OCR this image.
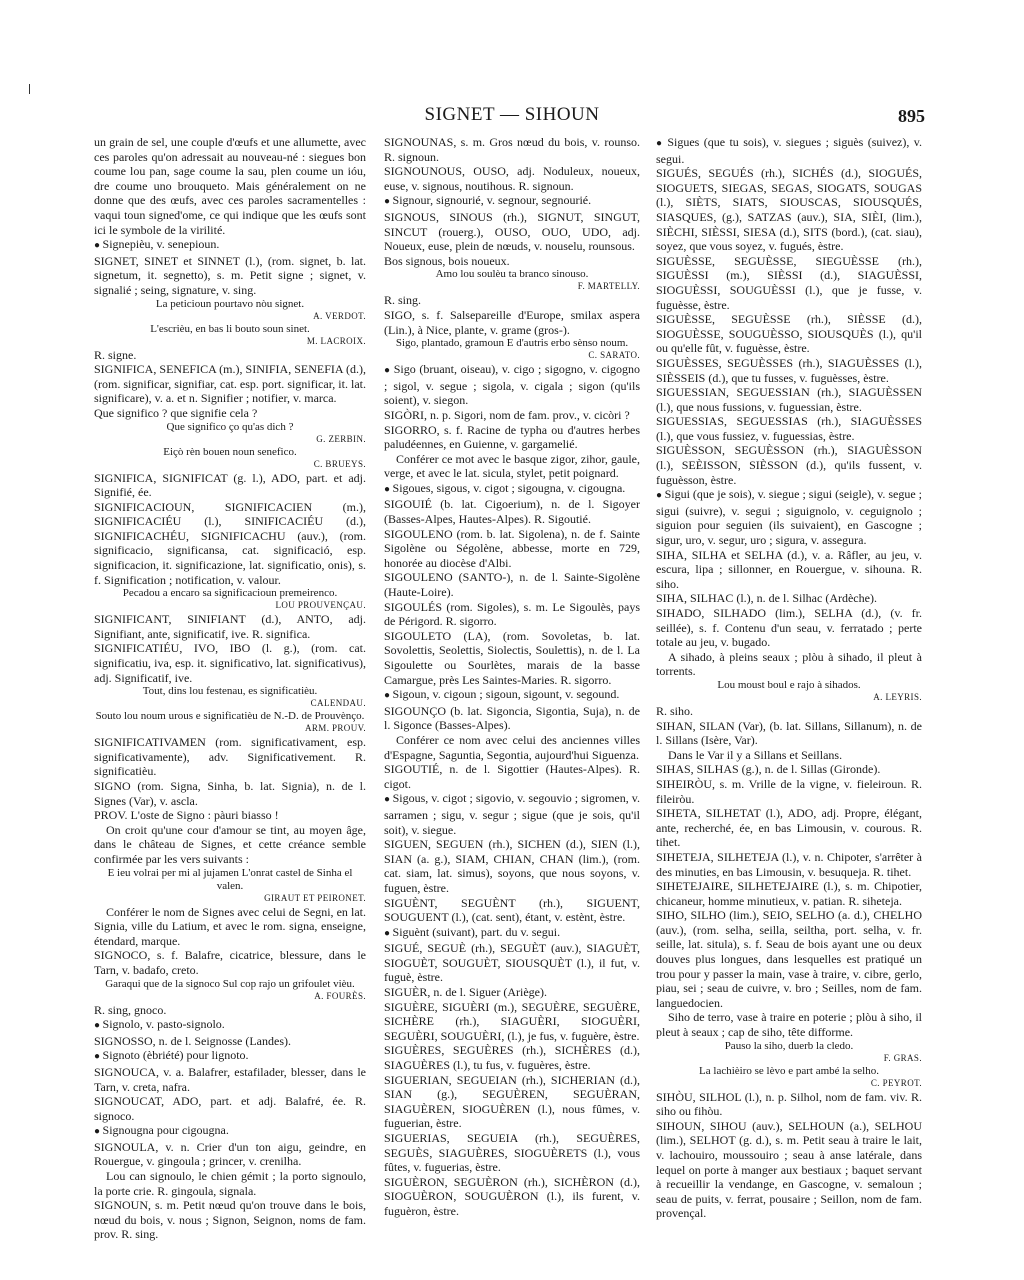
SIGNET — SIHOUN	895

un grain de sel, une couple d'œufs et une allumette, avec ces paroles qu'on adressait au nouveau-né : siegues bon coume lou pan, sage coume la sau, plen coume un ióu, dre coume uno brouqueto. Mais généralement on ne donne que des œufs, avec ces paroles sacramentelles : vaqui toun signed'ome, ce qui indique que les œufs sont ici le symbole de la virilité.

● Signepièu, v. senepioun.

SIGNET, SINET et SINNET (l.), (rom. signet, b. lat. signetum, it. segnetto), s. m. Petit signe ; signet, v. signalié ; seing, signature, v. sing.

La peticioun pourtavo nòu signet.

A. VERDOT.

L'escrièu, en bas li bouto soun sinet.

M. LACROIX.

R. signe.

SIGNIFICA, SENEFICA (m.), SINIFIA, SENEFIA (d.), (rom. significar, signifiar, cat. esp. port. significar, it. lat. significare), v. a. et n. Signifier ; notifier, v. marca.

Que significo ? que signifie cela ?

Que significo ço qu'as dich ?

G. ZERBIN.

Eiçò rèn bouen noun senefico.

C. BRUEYS.

SIGNIFICA, SIGNIFICAT (g. l.), ADO, part. et adj. Signifié, ée.

SIGNIFICACIOUN, SIGNIFICACIEN (m.), SIGNIFICACIÉU (l.), SINIFICACIÉU (d.), SIGNIFICACHÉU, SIGNIFICACHU (auv.), (rom. significacio, significansa, cat. significació, esp. significacion, it. significazione, lat. significatio, onis), s. f. Signification ; notification, v. valour.

Pecadou a encaro sa significacioun premeirenco.

LOU PROUVENÇAU.

SIGNIFICANT, SINIFIANT (d.), ANTO, adj. Signifiant, ante, significatif, ive. R. significa.

SIGNIFICATIÉU, IVO, IBO (l. g.), (rom. cat. significatiu, iva, esp. it. significativo, lat. significativus), adj. Significatif, ive.

Tout, dins lou festenau, es significatièu.

CALENDAU.

Souto lou noum urous e significatièu de N.-D. de Prouvènço.

ARM. PROUV.

SIGNIFICATIVAMEN (rom. significativament, esp. significativamente), adv. Significativement. R. significatièu.

SIGNO (rom. Signa, Sinha, b. lat. Signia), n. de l. Signes (Var), v. ascla.

PROV. L'oste de Signo : pàuri biasso !

On croit qu'une cour d'amour se tint, au moyen âge, dans le château de Signes, et cette créance semble confirmée par les vers suivants :

E ieu volrai per mi al jujamen L'onrat castel de Sinha el valen.

GIRAUT ET PEIRONET.

Conférer le nom de Signes avec celui de Segni, en lat. Signia, ville du Latium, et avec le rom. signa, enseigne, étendard, marque.

SIGNOCO, s. f. Balafre, cicatrice, blessure, dans le Tarn, v. badafo, creto.

Garaqui que de la signoco Sul cop rajo un grifoulet vièu.

A. FOURÈS.

R. sing, gnoco.

● Signolo, v. pasto-signolo.

SIGNOSSO, n. de l. Seignosse (Landes).

● Signoto (èbriété) pour lignoto.

SIGNOUCA, v. a. Balafrer, estafilader, blesser, dans le Tarn, v. creta, nafra.

SIGNOUCAT, ADO, part. et adj. Balafré, ée. R. signoco.

● Signougna pour cigougna.

SIGNOULA, v. n. Crier d'un ton aigu, geindre, en Rouergue, v. gingoula ; grincer, v. crenilha.

Lou can signoulo, le chien gémit ; la porto signoulo, la porte crie. R. gingoula, signala.

SIGNOUN, s. m. Petit nœud qu'on trouve dans le bois, nœud du bois, v. nous ; Signon, Seignon, noms de fam. prov. R. sing.

SIGNOUNAS, s. m. Gros nœud du bois, v. rounso. R. signoun.

SIGNOUNOUS, OUSO, adj. Noduleux, noueux, euse, v. signous, noutihous. R. signoun.

● Signour, signourié, v. segnour, segnourié.

SIGNOUS, SINOUS (rh.), SIGNUT, SINGUT, SINCUT (rouerg.), OUSO, OUO, UDO, adj. Noueux, euse, plein de nœuds, v. nouselu, rounsous.

Bos signous, bois noueux.

Amo lou soulèu ta branco sinouso.

F. MARTELLY.

R. sing.

SIGO, s. f. Salsepareille d'Europe, smilax aspera (Lin.), à Nice, plante, v. grame (gros-).

Sigo, plantado, gramoun E d'autris erbo sènso noum.

C. SARATO.

● Sigo (bruant, oiseau), v. cigo ; sigogno, v. cigogno ; sigol, v. segue ; sigola, v. cigala ; sigon (qu'ils soient), v. siegon.

SIGÒRI, n. p. Sigori, nom de fam. prov., v. cicòri ?

SIGORRO, s. f. Racine de typha ou d'autres herbes paludéennes, en Guienne, v. gargamelié.

Conférer ce mot avec le basque zigor, zihor, gaule, verge, et avec le lat. sicula, stylet, petit poignard.

● Sigoues, sigous, v. cigot ; sigougna, v. cigougna.

SIGOUIÉ (b. lat. Cigoerium), n. de l. Sigoyer (Basses-Alpes, Hautes-Alpes). R. Sigoutié.

SIGOULENO (rom. b. lat. Sigolena), n. de f. Sainte Sigolène ou Ségolène, abbesse, morte en 729, honorée au diocèse d'Albi.

SIGOULENO (SANTO-), n. de l. Sainte-Sigolène (Haute-Loire).

SIGOULÉS (rom. Sigoles), s. m. Le Sigoulès, pays de Périgord. R. sigorro.

SIGOULETO (LA), (rom. Sovoletas, b. lat. Sovolettis, Seolettis, Siolectis, Soulettis), n. de l. La Sigoulette ou Sourlètes, marais de la basse Camargue, près Les Saintes-Maries. R. sigorro.

● Sigoun, v. cigoun ; sigoun, sigount, v. segound.

SIGOUNÇO (b. lat. Sigoncia, Sigontia, Suja), n. de l. Sigonce (Basses-Alpes).

Conférer ce nom avec celui des anciennes villes d'Espagne, Saguntia, Segontia, aujourd'hui Siguenza.

SIGOUTIÉ, n. de l. Sigottier (Hautes-Alpes). R. cigot.

● Sigous, v. cigot ; sigovio, v. segouvio ; sigromen, v. sarramen ; sigu, v. segur ; sigue (que je sois, qu'il soit), v. siegue.

SIGUEN, SEGUEN (rh.), SICHEN (d.), SIEN (l.), SIAN (a. g.), SIAM, CHIAN, CHAN (lim.), (rom. cat. siam, lat. simus), soyons, que nous soyons, v. fuguen, èstre.

SIGUÈNT, SEGUÈNT (rh.), SIGUENT, SOUGUENT (l.), (cat. sent), étant, v. estènt, èstre.

● Siguènt (suivant), part. du v. segui.

SIGUÉ, SEGUÈ (rh.), SEGUÈT (auv.), SIAGUÈT, SIOGUÈT, SOUGUÈT, SIOUSQUÈT (l.), il fut, v. fuguè, èstre.

SIGUÈR, n. de l. Siguer (Ariège).

SIGUÈRE, SIGUÈRI (m.), SEGUÈRE, SEGUÈRE, SICHÈRE (rh.), SIAGUÈRI, SIOGUÈRI, SEGUÈRI, SOUGUÈRI, (l.), je fus, v. fuguère, èstre.

SIGUÈRES, SEGUÈRES (rh.), SICHÈRES (d.), SIAGUÈRES (l.), tu fus, v. fuguères, èstre.

SIGUERIAN, SEGUEIAN (rh.), SICHERIAN (d.), SIAN (g.), SEGUÈREN, SEGUÈRAN, SIAGUÈREN, SIOGUÈREN (l.), nous fûmes, v. fuguerian, èstre.

SIGUERIAS, SEGUEIA (rh.), SEGUÈRES, SEGUÈS, SIAGUÈRES, SIOGUÈRETS (l.), vous fûtes, v. fuguerias, èstre.

SIGUÈRON, SEGUÈRON (rh.), SICHÈRON (d.), SIOGUÈRON, SOUGUÈRON (l.), ils furent, v. fuguèron, èstre.

● Sigues (que tu sois), v. siegues ; siguès (suivez), v. segui.

SIGUÉS, SEGUÉS (rh.), SICHÉS (d.), SIOGUÉS, SIOGUETS, SIEGAS, SEGAS, SIOGATS, SOUGAS (l.), SIÈTS, SIATS, SIOUSCAS, SIOUSQUÉS, SIASQUES, (g.), SATZAS (auv.), SIA, SIÈI, (lim.), SIÈCHI, SIÈSSI, SIESA (d.), SITS (bord.), (cat. siau), soyez, que vous soyez, v. fugués, èstre.

SIGUÈSSE, SEGUÈSSE, SIEGUÈSSE (rh.), SIGUÈSSI (m.), SIÈSSI (d.), SIAGUÈSSI, SIOGUÈSSI, SOUGUÈSSI (l.), que je fusse, v. fuguèsse, èstre.

SIGUÈSSE, SEGUÈSSE (rh.), SIÈSSE (d.), SIOGUÈSSE, SOUGUÈSSO, SIOUSQUÈS (l.), qu'il ou qu'elle fût, v. fuguèsse, èstre.

SIGUÈSSES, SEGUÈSSES (rh.), SIAGUÈSSES (l.), SIÈSSEIS (d.), que tu fusses, v. fuguèsses, èstre.

SIGUESSIAN, SEGUESSIAN (rh.), SIAGUÈSSEN (l.), que nous fussions, v. fuguessian, èstre.

SIGUESSIAS, SEGUESSIAS (rh.), SIAGUÈSSES (l.), que vous fussiez, v. fuguessias, èstre.

SIGUÈSSON, SEGUÈSSON (rh.), SIAGUÈSSON (l.), SEÈISSON, SIÈSSON (d.), qu'ils fussent, v. fuguèsson, èstre.

● Sigui (que je sois), v. siegue ; sigui (seigle), v. segue ; sigui (suivre), v. segui ; siguignolo, v. ceguignolo ; siguion pour seguien (ils suivaient), en Gascogne ; sigur, uro, v. segur, uro ; sigura, v. assegura.

SIHA, SILHA et SELHA (d.), v. a. Râfler, au jeu, v. escura, lipa ; sillonner, en Rouergue, v. sihouna. R. siho.

SIHA, SILHAC (l.), n. de l. Silhac (Ardèche).

SIHADO, SILHADO (lim.), SELHA (d.), (v. fr. seillée), s. f. Contenu d'un seau, v. ferratado ; perte totale au jeu, v. bugado.

A sihado, à pleins seaux ; plòu à sihado, il pleut à torrents.

Lou moust boul e rajo à sihados.

A. LEYRIS.

R. siho.

SIHAN, SILAN (Var), (b. lat. Sillans, Sillanum), n. de l. Sillans (Isère, Var).

Dans le Var il y a Sillans et Seillans.

SIHAS, SILHAS (g.), n. de l. Sillas (Gironde).

SIHEIRÒU, s. m. Vrille de la vigne, v. fieleiroun. R. fileiròu.

SIHETA, SILHETAT (l.), ADO, adj. Propre, élégant, ante, recherché, ée, en bas Limousin, v. courous. R. tihet.

SIHETEJA, SILHETEJA (l.), v. n. Chipoter, s'arrêter à des minuties, en bas Limousin, v. besuqueja. R. tihet.

SIHETEJAIRE, SILHETEJAIRE (l.), s. m. Chipotier, chicaneur, homme minutieux, v. patian. R. siheteja.

SIHO, SILHO (lim.), SEIO, SELHO (a. d.), CHELHO (auv.), (rom. selha, seilla, seiltha, port. selha, v. fr. seille, lat. situla), s. f. Seau de bois ayant une ou deux douves plus longues, dans lesquelles est pratiqué un trou pour y passer la main, vase à traire, v. cibre, gerlo, piau, sei ; seau de cuivre, v. bro ; Seilles, nom de fam. languedocien.

Siho de terro, vase à traire en poterie ; plòu à siho, il pleut à seaux ; cap de siho, tête difforme.

Pauso la siho, duerb la cledo.

F. GRAS.

La lachièiro se lèvo e part ambé la selho.

C. PEYROT.

SIHÒU, SILHOL (l.), n. p. Silhol, nom de fam. viv. R. siho ou fihòu.

SIHOUN, SIHOU (auv.), SELHOUN (a.), SELHOU (lim.), SELHOT (g. d.), s. m. Petit seau à traire le lait, v. lachouiro, moussouiro ; seau à anse latérale, dans lequel on porte à manger aux bestiaux ; baquet servant à recueillir la vendange, en Gascogne, v. semaloun ; seau de puits, v. ferrat, pousaire ; Seillon, nom de fam. provençal.
